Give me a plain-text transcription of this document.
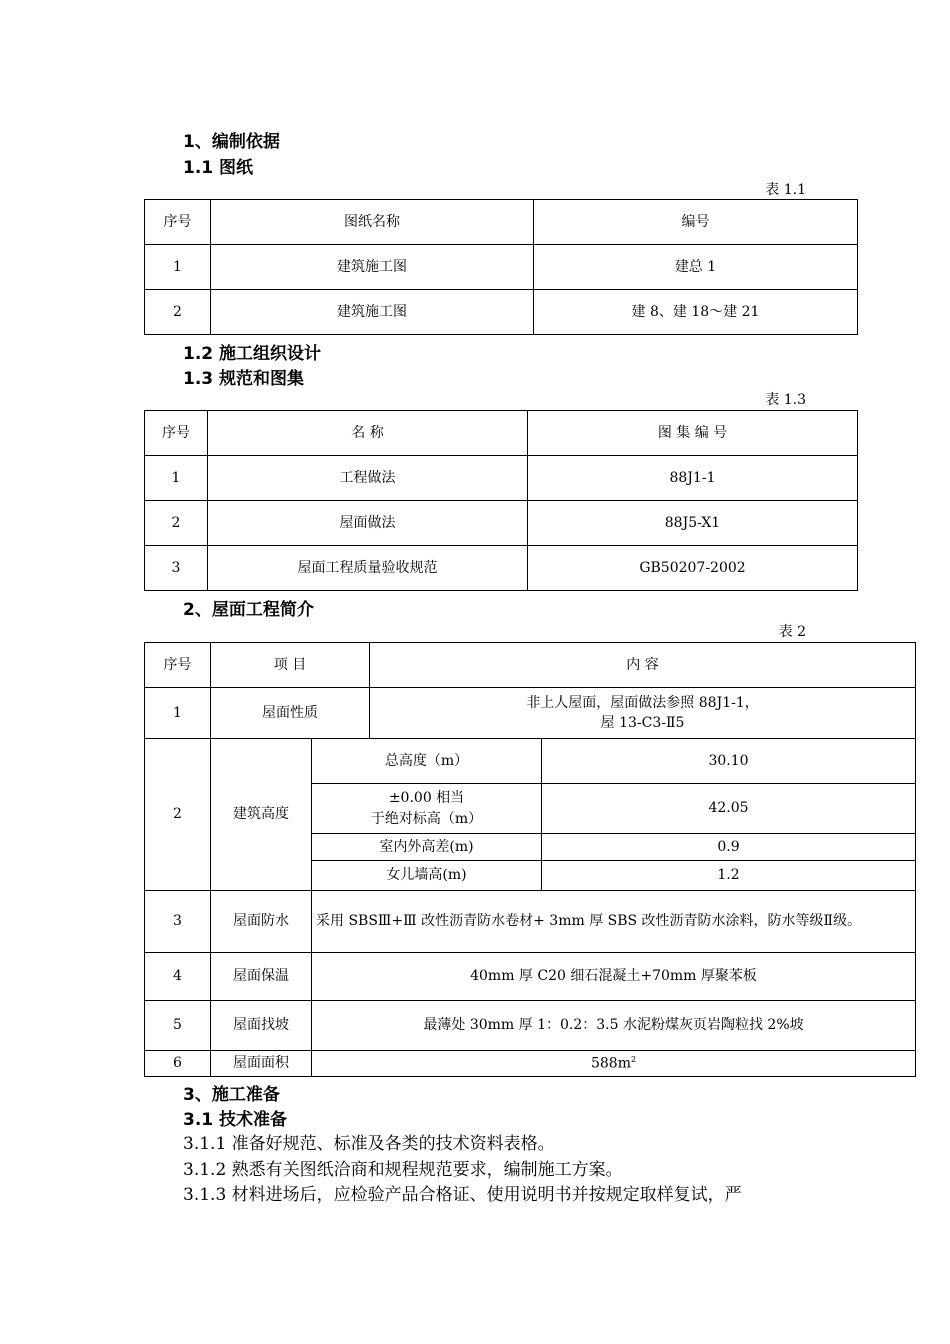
1、编制依据
1.1 图纸
表 1.1
序号	图纸名称	编号
1	建筑施工图	建总 1
2	建筑施工图	建 8、建 18～建 21
1.2 施工组织设计
1.3 规范和图集
表 1.3
序号	名 称	图 集 编 号
1	工程做法	88J1-1
2	屋面做法	88J5-X1
3	屋面工程质量验收规范	GB50207-2002
2、屋面工程简介
表 2
序号	项 目		内 容	
1	屋面性质		非上人屋面，屋面做法参照 88J1-1，
屋 13-C3-Ⅱ5	

2	建筑高度	总高度（m）		30.10

		±0.00 相当
于绝对标高（m）		42.05
		室内外高差(m)		0.9
		女儿墙高(m)		1.2
3	屋面防水	采用 SBSⅢ+Ⅲ 改性沥青防水卷材+ 3mm 厚 SBS 改性沥青防水涂料，防水等级Ⅱ级。		
4	屋面保温	40mm 厚 C20 细石混凝土+70mm 厚聚苯板		
5	屋面找坡	最薄处 30mm 厚 1：0.2：3.5 水泥粉煤灰页岩陶粒找 2%坡		
6	屋面面积	$588m^2$
3、施工准备
3.1 技术准备
3.1.1 准备好规范、标准及各类的技术资料表格。
3.1.2 熟悉有关图纸洽商和规程规范要求，编制施工方案。
3.1.3 材料进场后，应检验产品合格证、使用说明书并按规定取样复试，严
